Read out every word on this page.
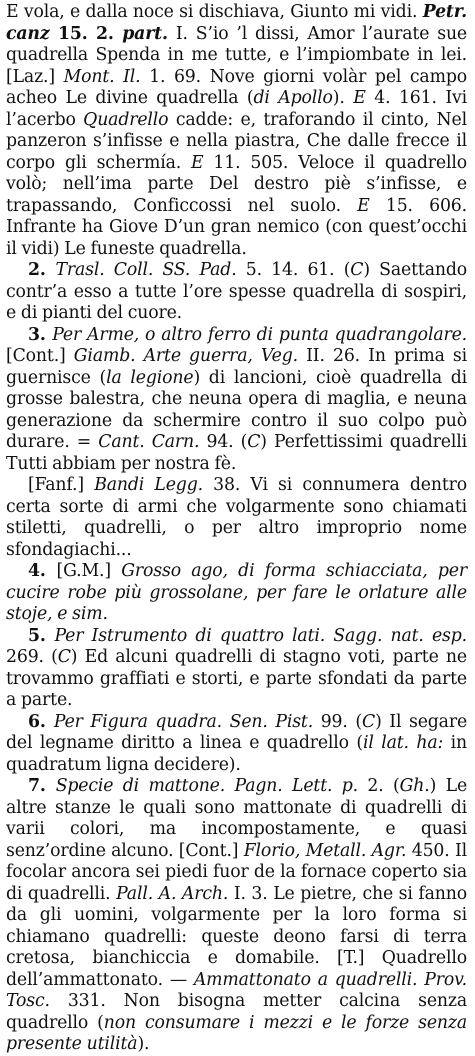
E vola, e dalla noce si dischiava, Giunto mi vidi. Petr. canz 15. 2. part. I. S’io ’l dissi, Amor l’aurate sue quadrella Spenda in me tutte, e l’impiombate in lei. [Laz.] Mont. Il. 1. 69. Nove giorni volàr pel campo acheo Le divine quadrella (di Apollo). E 4. 161. Ivi l’acerbo Quadrello cadde: e, traforando il cinto, Nel panzeron s’infisse e nella piastra, Che dalle frecce il corpo gli schermía. E 11. 505. Veloce il quadrello volò; nell’ima parte Del destro piè s’infisse, e trapassando, Conficcossi nel suolo. E 15. 606. Infrante ha Giove D’un gran nemico (con quest’occhi il vidi) Le funeste quadrella.

2. Trasl. Coll. SS. Pad. 5. 14. 61. (C) Saettando contr’a esso a tutte l’ore spesse quadrella di sospiri, e di pianti del cuore.

3. Per Arme, o altro ferro di punta quadrangolare. [Cont.] Giamb. Arte guerra, Veg. II. 26. In prima si guernisce (la legione) di lancioni, cioè quadrella di grosse balestra, che neuna opera di maglia, e neuna generazione da schermire contro il suo colpo può durare. = Cant. Carn. 94. (C) Perfettissimi quadrelli Tutti abbiam per nostra fè.

[Fanf.] Bandi Legg. 38. Vi si connumera dentro certa sorte di armi che volgarmente sono chiamati stiletti, quadrelli, o per altro improprio nome sfondagiachi...

4. [G.M.] Grosso ago, di forma schiacciata, per cucire robe più grossolane, per fare le orlature alle stoje, e sim.

5. Per Istrumento di quattro lati. Sagg. nat. esp. 269. (C) Ed alcuni quadrelli di stagno voti, parte ne trovammo graffiati e storti, e parte sfondati da parte a parte.

6. Per Figura quadra. Sen. Pist. 99. (C) Il segare del legname diritto a linea e quadrello (il lat. ha: in quadratum ligna decidere).

7. Specie di mattone. Pagn. Lett. p. 2. (Gh.) Le altre stanze le quali sono mattonate di quadrelli di varii colori, ma incompostamente, e quasi senz’ordine alcuno. [Cont.] Florio, Metall. Agr. 450. Il focolar ancora sei piedi fuor de la fornace coperto sia di quadrelli. Pall. A. Arch. I. 3. Le pietre, che si fanno da gli uomini, volgarmente per la loro forma si chiamano quadrelli: queste deono farsi di terra cretosa, bianchiccia e domabile. [T.] Quadrello dell’ammattonato. — Ammattonato a quadrelli. Prov. Tosc. 331. Non bisogna metter calcina senza quadrello (non consumare i mezzi e le forze senza presente utilità).
